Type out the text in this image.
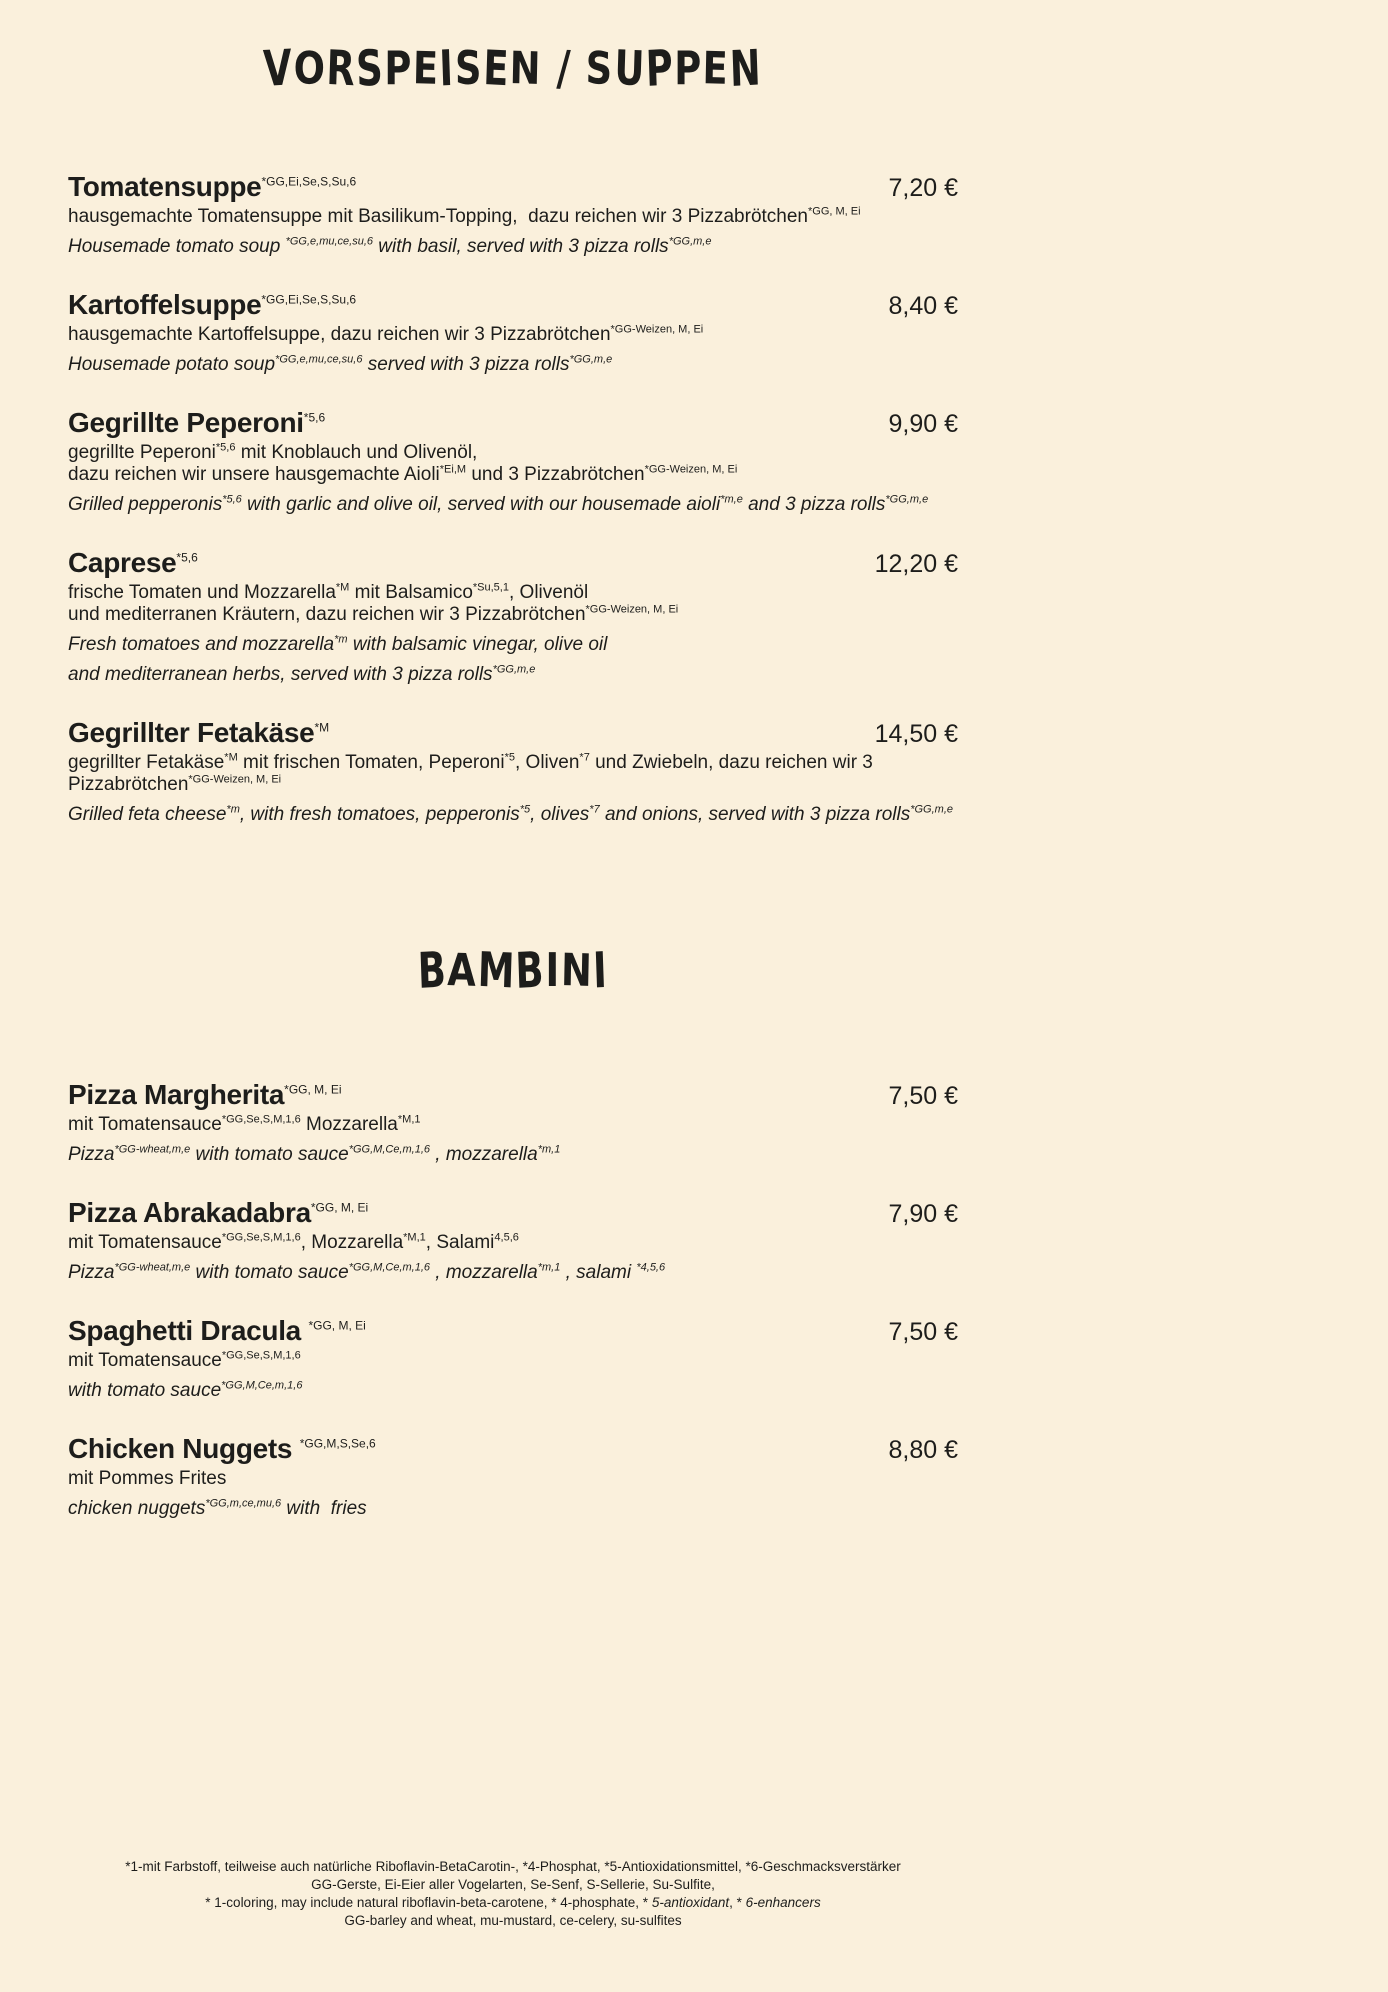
VORSPEISEN / SUPPEN
Tomatensuppe$^{*GG,Ei,Se,S,Su,6}$	7,20 €
hausgemachte Tomatensuppe mit Basilikum-Topping,  dazu reichen wir 3 Pizzabrötchen$^{*GG, M, Ei}$
Housemade tomato soup $^{*GG,e,mu,ce,su,6}$ with basil, served with 3 pizza rolls$^{*GG,m,e}$
Kartoffelsuppe$^{*GG,Ei,Se,S,Su,6}$	8,40 €
hausgemachte Kartoffelsuppe, dazu reichen wir 3 Pizzabrötchen$^{*GG-Weizen, M, Ei}$
Housemade potato soup$^{*GG,e,mu,ce,su,6}$ served with 3 pizza rolls$^{*GG,m,e}$
Gegrillte Peperoni$^{*5,6}$	9,90 €
gegrillte Peperoni$^{*5,6}$ mit Knoblauch und Olivenöl,
dazu reichen wir unsere hausgemachte Aioli$^{*Ei,M}$ und 3 Pizzabrötchen$^{*GG-Weizen, M, Ei}$
Grilled pepperonis$^{*5,6}$ with garlic and olive oil, served with our housemade aioli$^{*m,e}$ and 3 pizza rolls$^{*GG,m,e}$
Caprese$^{*5,6}$	12,20 €
frische Tomaten und Mozzarella$^{*M}$ mit Balsamico$^{*Su,5,1}$, Olivenöl
und mediterranen Kräutern, dazu reichen wir 3 Pizzabrötchen$^{*GG-Weizen, M, Ei}$
Fresh tomatoes and mozzarella$^{*m}$ with balsamic vinegar, olive oil
and mediterranean herbs, served with 3 pizza rolls$^{*GG,m,e}$
Gegrillter Fetakäse$^{*M}$	14,50 €
gegrillter Fetakäse$^{*M}$ mit frischen Tomaten, Peperoni$^{*5}$, Oliven$^{*7}$ und Zwiebeln, dazu reichen wir 3 Pizzabrötchen$^{*GG-Weizen, M, Ei}$
Grilled feta cheese$^{*m}$, with fresh tomatoes, pepperonis$^{*5}$, olives$^{*7}$ and onions, served with 3 pizza rolls$^{*GG,m,e}$
BAMBINI
Pizza Margherita$^{*GG, M, Ei}$	7,50 €
mit Tomatensauce$^{*GG,Se,S,M,1,6}$ Mozzarella$^{*M,1}$
Pizza$^{*GG-wheat,m,e}$ with tomato sauce$^{*GG,M,Ce,m,1,6}$ , mozzarella$^{*m,1}$
Pizza Abrakadabra$^{*GG, M, Ei}$	7,90 €
mit Tomatensauce$^{*GG,Se,S,M,1,6}$, Mozzarella$^{*M,1}$, Salami$^{4,5,6}$
Pizza$^{*GG-wheat,m,e}$ with tomato sauce$^{*GG,M,Ce,m,1,6}$ , mozzarella$^{*m,1}$ , salami $^{*4,5,6}$
Spaghetti Dracula $^{*GG, M, Ei}$	7,50 €
mit Tomatensauce$^{*GG,Se,S,M,1,6}$
with tomato sauce$^{*GG,M,Ce,m,1,6}$
Chicken Nuggets $^{*GG,M,S,Se,6}$	8,80 €
mit Pommes Frites
chicken nuggets$^{*GG,m,ce,mu,6}$ with  fries
*1-mit Farbstoff, teilweise auch natürliche Riboflavin-BetaCarotin-, *4-Phosphat, *5-Antioxidationsmittel, *6-Geschmacksverstärker
GG-Gerste, Ei-Eier aller Vogelarten, Se-Senf, S-Sellerie, Su-Sulfite,
* 1-coloring, may include natural riboflavin-beta-carotene, * 4-phosphate, * 5-antioxidant, * 6-enhancers
GG-barley and wheat, mu-mustard, ce-celery, su-sulfites
